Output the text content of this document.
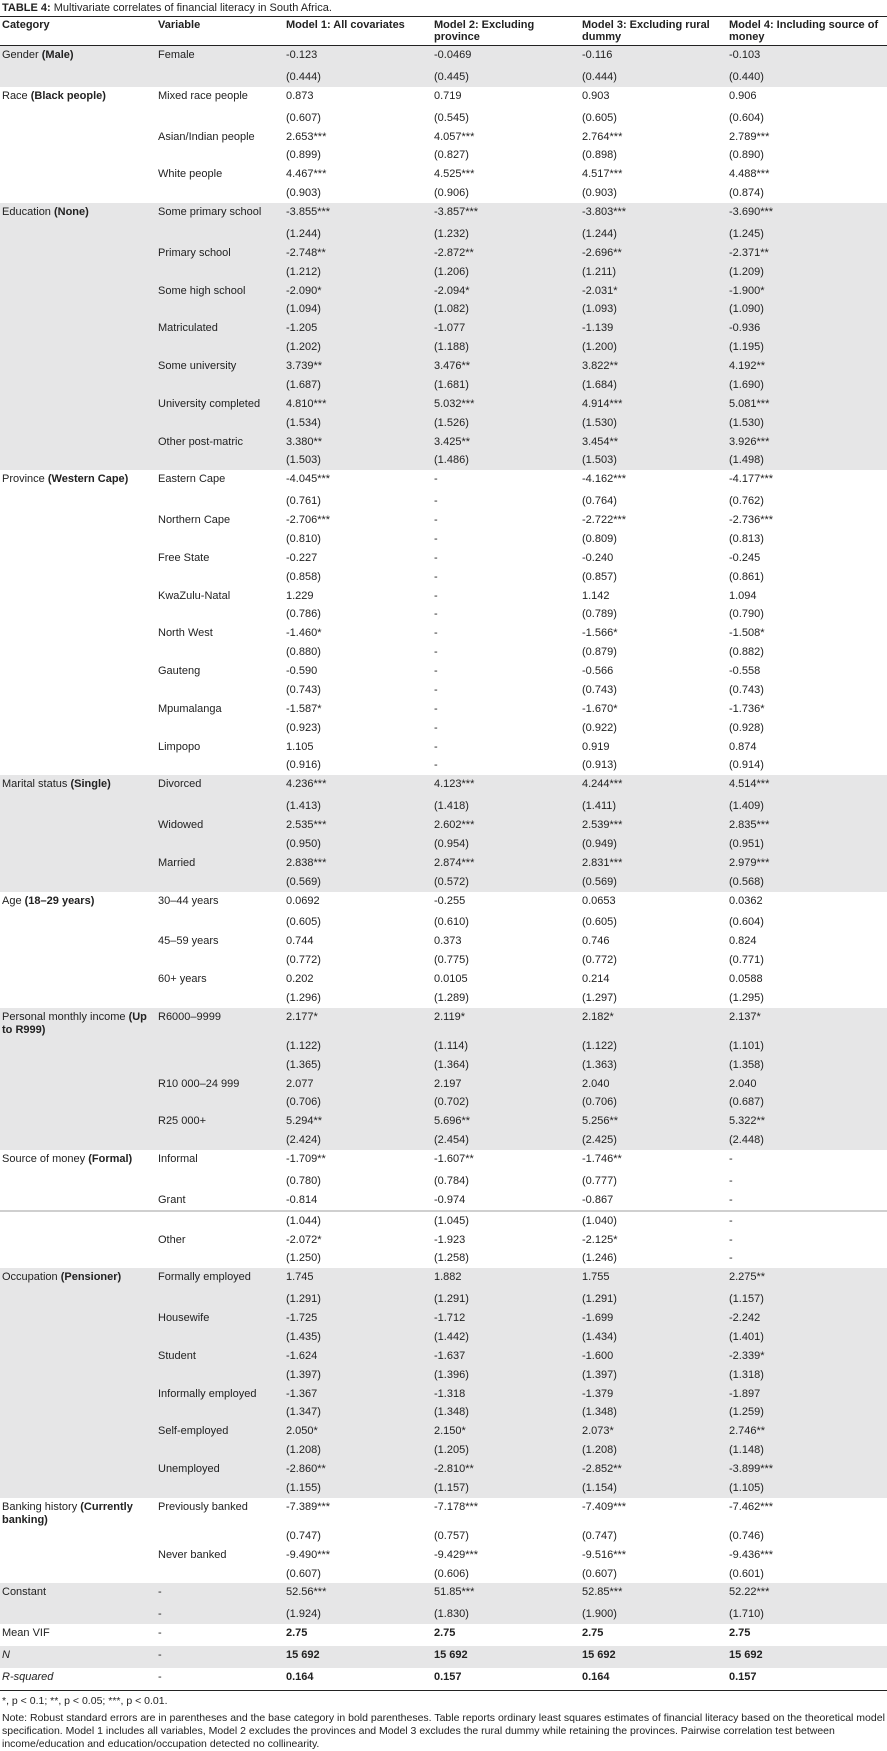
TABLE 4: Multivariate correlates of financial literacy in South Africa.
Category	Variable	Model 1: All covariates	Model 2: Excluding province	Model 3: Excluding rural dummy	Model 4: Including source of money
Gender (Male)	Female	-0.123	-0.0469	-0.116	-0.103
		(0.444)	(0.445)	(0.444)	(0.440)
Race (Black people)	Mixed race people	0.873	0.719	0.903	0.906
		(0.607)	(0.545)	(0.605)	(0.604)
	Asian/Indian people	2.653***	4.057***	2.764***	2.789***
		(0.899)	(0.827)	(0.898)	(0.890)
	White people	4.467***	4.525***	4.517***	4.488***
		(0.903)	(0.906)	(0.903)	(0.874)
Education (None)	Some primary school	-3.855***	-3.857***	-3.803***	-3.690***
		(1.244)	(1.232)	(1.244)	(1.245)
	Primary school	-2.748**	-2.872**	-2.696**	-2.371**
		(1.212)	(1.206)	(1.211)	(1.209)
	Some high school	-2.090*	-2.094*	-2.031*	-1.900*
		(1.094)	(1.082)	(1.093)	(1.090)
	Matriculated	-1.205	-1.077	-1.139	-0.936
		(1.202)	(1.188)	(1.200)	(1.195)
	Some university	3.739**	3.476**	3.822**	4.192**
		(1.687)	(1.681)	(1.684)	(1.690)
	University completed	4.810***	5.032***	4.914***	5.081***
		(1.534)	(1.526)	(1.530)	(1.530)
	Other post-matric	3.380**	3.425**	3.454**	3.926***
		(1.503)	(1.486)	(1.503)	(1.498)
Province (Western Cape)	Eastern Cape	-4.045***	-	-4.162***	-4.177***
		(0.761)	-	(0.764)	(0.762)
	Northern Cape	-2.706***	-	-2.722***	-2.736***
		(0.810)	-	(0.809)	(0.813)
	Free State	-0.227	-	-0.240	-0.245
		(0.858)	-	(0.857)	(0.861)
	KwaZulu-Natal	1.229	-	1.142	1.094
		(0.786)	-	(0.789)	(0.790)
	North West	-1.460*	-	-1.566*	-1.508*
		(0.880)	-	(0.879)	(0.882)
	Gauteng	-0.590	-	-0.566	-0.558
		(0.743)	-	(0.743)	(0.743)
	Mpumalanga	-1.587*	-	-1.670*	-1.736*
		(0.923)	-	(0.922)	(0.928)
	Limpopo	1.105	-	0.919	0.874
		(0.916)	-	(0.913)	(0.914)
Marital status (Single)	Divorced	4.236***	4.123***	4.244***	4.514***
		(1.413)	(1.418)	(1.411)	(1.409)
	Widowed	2.535***	2.602***	2.539***	2.835***
		(0.950)	(0.954)	(0.949)	(0.951)
	Married	2.838***	2.874***	2.831***	2.979***
		(0.569)	(0.572)	(0.569)	(0.568)
Age (18–29 years)	30–44 years	0.0692	-0.255	0.0653	0.0362
		(0.605)	(0.610)	(0.605)	(0.604)
	45–59 years	0.744	0.373	0.746	0.824
		(0.772)	(0.775)	(0.772)	(0.771)
	60+ years	0.202	0.0105	0.214	0.0588
		(1.296)	(1.289)	(1.297)	(1.295)
Personal monthly income (Up to R999)	R6000–9999	2.177*	2.119*	2.182*	2.137*
		(1.122)	(1.114)	(1.122)	(1.101)
		(1.365)	(1.364)	(1.363)	(1.358)
	R10 000–24 999	2.077	2.197	2.040	2.040
		(0.706)	(0.702)	(0.706)	(0.687)
	R25 000+	5.294**	5.696**	5.256**	5.322**
		(2.424)	(2.454)	(2.425)	(2.448)
Source of money (Formal)	Informal	-1.709**	-1.607**	-1.746**	-
		(0.780)	(0.784)	(0.777)	-
	Grant	-0.814	-0.974	-0.867	-
		(1.044)	(1.045)	(1.040)	-
	Other	-2.072*	-1.923	-2.125*	-
		(1.250)	(1.258)	(1.246)	-
Occupation (Pensioner)	Formally employed	1.745	1.882	1.755	2.275**
		(1.291)	(1.291)	(1.291)	(1.157)
	Housewife	-1.725	-1.712	-1.699	-2.242
		(1.435)	(1.442)	(1.434)	(1.401)
	Student	-1.624	-1.637	-1.600	-2.339*
		(1.397)	(1.396)	(1.397)	(1.318)
	Informally employed	-1.367	-1.318	-1.379	-1.897
		(1.347)	(1.348)	(1.348)	(1.259)
	Self-employed	2.050*	2.150*	2.073*	2.746**
		(1.208)	(1.205)	(1.208)	(1.148)
	Unemployed	-2.860**	-2.810**	-2.852**	-3.899***
		(1.155)	(1.157)	(1.154)	(1.105)
Banking history (Currently banking)	Previously banked	-7.389***	-7.178***	-7.409***	-7.462***
		(0.747)	(0.757)	(0.747)	(0.746)
	Never banked	-9.490***	-9.429***	-9.516***	-9.436***
		(0.607)	(0.606)	(0.607)	(0.601)
Constant	-	52.56***	51.85***	52.85***	52.22***
	-	(1.924)	(1.830)	(1.900)	(1.710)
Mean VIF	-	2.75	2.75	2.75	2.75
N	-	15 692	15 692	15 692	15 692
R-squared	-	0.164	0.157	0.164	0.157

*, p < 0.1; **, p < 0.05; ***, p < 0.01.

Note: Robust standard errors are in parentheses and the base category in bold parentheses. Table reports ordinary least squares estimates of financial literacy based on the theoretical model specification. Model 1 includes all variables, Model 2 excludes the provinces and Model 3 excludes the rural dummy while retaining the provinces. Pairwise correlation test between income/education and education/occupation detected no collinearity.
